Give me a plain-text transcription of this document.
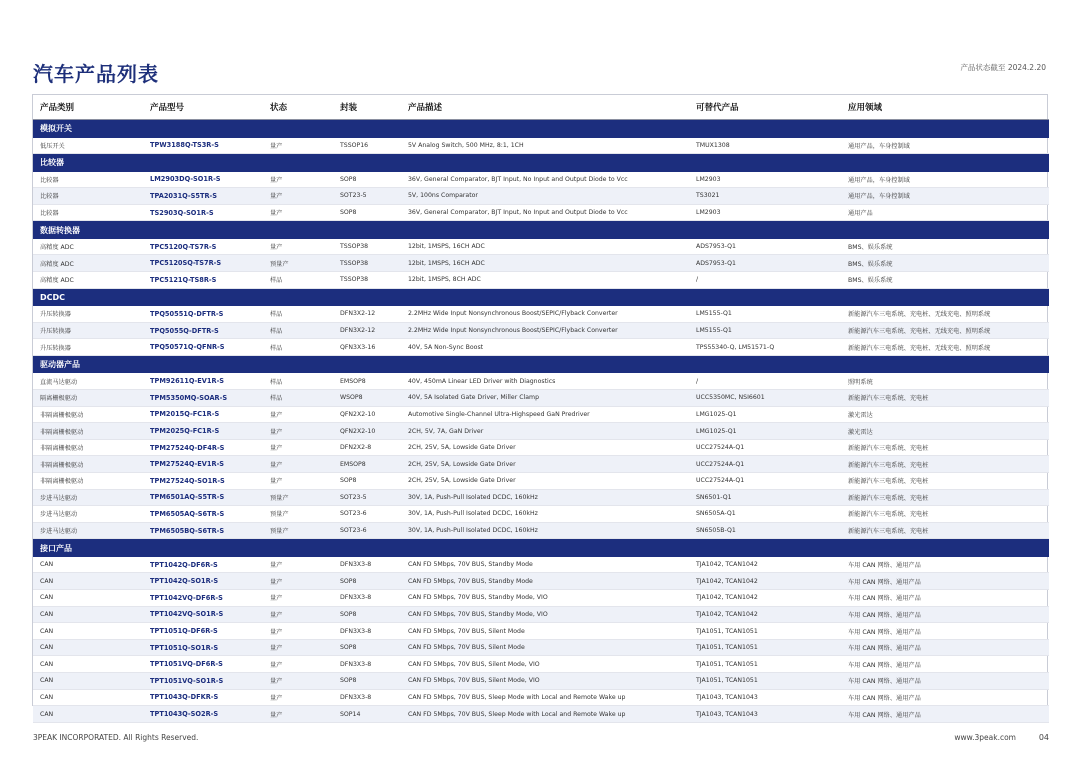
汽车产品列表	产品状态截至 2024.2.20
产品类别	产品型号	状态	封装	产品描述	可替代产品	应用领域
模拟开关						
低压开关	TPW3188Q-TS3R-S	量产	TSSOP16	5V Analog Switch, 500 MHz, 8:1, 1CH	TMUX1308	通用产品，车身控制域
比较器						
比较器	LM2903DQ-SO1R-S	量产	SOP8	36V, General Comparator, BJT Input, No Input and Output Diode to Vcc	LM2903	通用产品，车身控制域
比较器	TPA2031Q-S5TR-S	量产	SOT23-5	5V, 100ns Comparator	TS3021	通用产品，车身控制域
比较器	TS2903Q-SO1R-S	量产	SOP8	36V, General Comparator, BJT Input, No Input and Output Diode to Vcc	LM2903	通用产品
数据转换器						
高精度 ADC	TPC5120Q-TS7R-S	量产	TSSOP38	12bit, 1MSPS, 16CH ADC	ADS7953-Q1	BMS、娱乐系统
高精度 ADC	TPC5120SQ-TS7R-S	预量产	TSSOP38	12bit, 1MSPS, 16CH ADC	ADS7953-Q1	BMS、娱乐系统
高精度 ADC	TPC5121Q-TS8R-S	样品	TSSOP38	12bit, 1MSPS, 8CH ADC	/	BMS、娱乐系统
DCDC						
升压转换器	TPQ50551Q-DFTR-S	样品	DFN3X2-12	2.2MHz Wide Input Nonsynchronous Boost/SEPIC/Flyback Converter	LM5155-Q1	新能源汽车三电系统、充电桩、无线充电、照明系统
升压转换器	TPQ5055Q-DFTR-S	样品	DFN3X2-12	2.2MHz Wide Input Nonsynchronous Boost/SEPIC/Flyback Converter	LM5155-Q1	新能源汽车三电系统、充电桩、无线充电、照明系统
升压转换器	TPQ50571Q-QFNR-S	样品	QFN3X3-16	40V, 5A Non-Sync Boost	TPS55340-Q, LM51571-Q	新能源汽车三电系统、充电桩、无线充电、照明系统
驱动器产品						
直流马达驱动	TPM92611Q-EV1R-S	样品	EMSOP8	40V, 450mA Linear LED Driver with Diagnostics	/	照明系统
隔离栅极驱动	TPM5350MQ-SOAR-S	样品	WSOP8	40V, 5A Isolated Gate Driver, Miller Clamp	UCC5350MC, NSI6601	新能源汽车三电系统、充电桩
非隔离栅极驱动	TPM2015Q-FC1R-S	量产	QFN2X2-10	Automotive Single-Channel Ultra-Highspeed GaN Predriver	LMG1025-Q1	激光雷达
非隔离栅极驱动	TPM2025Q-FC1R-S	量产	QFN2X2-10	2CH, 5V, 7A, GaN Driver	LMG1025-Q1	激光雷达
非隔离栅极驱动	TPM27524Q-DF4R-S	量产	DFN2X2-8	2CH, 25V, 5A, Lowside Gate Driver	UCC27524A-Q1	新能源汽车三电系统、充电桩
非隔离栅极驱动	TPM27524Q-EV1R-S	量产	EMSOP8	2CH, 25V, 5A, Lowside Gate Driver	UCC27524A-Q1	新能源汽车三电系统、充电桩
非隔离栅极驱动	TPM27524Q-SO1R-S	量产	SOP8	2CH, 25V, 5A, Lowside Gate Driver	UCC27524A-Q1	新能源汽车三电系统、充电桩
步进马达驱动	TPM6501AQ-S5TR-S	预量产	SOT23-5	30V, 1A, Push-Pull Isolated DCDC, 160kHz	SN6501-Q1	新能源汽车三电系统、充电桩
步进马达驱动	TPM6505AQ-S6TR-S	预量产	SOT23-6	30V, 1A, Push-Pull Isolated DCDC, 160kHz	SN6505A-Q1	新能源汽车三电系统、充电桩
步进马达驱动	TPM6505BQ-S6TR-S	预量产	SOT23-6	30V, 1A, Push-Pull Isolated DCDC, 160kHz	SN6505B-Q1	新能源汽车三电系统、充电桩
接口产品						
CAN	TPT1042Q-DF6R-S	量产	DFN3X3-8	CAN FD 5Mbps, 70V BUS, Standby Mode	TJA1042, TCAN1042	车用 CAN 网络、通用产品
CAN	TPT1042Q-SO1R-S	量产	SOP8	CAN FD 5Mbps, 70V BUS, Standby Mode	TJA1042, TCAN1042	车用 CAN 网络、通用产品
CAN	TPT1042VQ-DF6R-S	量产	DFN3X3-8	CAN FD 5Mbps, 70V BUS, Standby Mode, VIO	TJA1042, TCAN1042	车用 CAN 网络、通用产品
CAN	TPT1042VQ-SO1R-S	量产	SOP8	CAN FD 5Mbps, 70V BUS, Standby Mode, VIO	TJA1042, TCAN1042	车用 CAN 网络、通用产品
CAN	TPT1051Q-DF6R-S	量产	DFN3X3-8	CAN FD 5Mbps, 70V BUS, Silent Mode	TJA1051, TCAN1051	车用 CAN 网络、通用产品
CAN	TPT1051Q-SO1R-S	量产	SOP8	CAN FD 5Mbps, 70V BUS, Silent Mode	TJA1051, TCAN1051	车用 CAN 网络、通用产品
CAN	TPT1051VQ-DF6R-S	量产	DFN3X3-8	CAN FD 5Mbps, 70V BUS, Silent Mode, VIO	TJA1051, TCAN1051	车用 CAN 网络、通用产品
CAN	TPT1051VQ-SO1R-S	量产	SOP8	CAN FD 5Mbps, 70V BUS, Silent Mode, VIO	TJA1051, TCAN1051	车用 CAN 网络、通用产品
CAN	TPT1043Q-DFKR-S	量产	DFN3X3-8	CAN FD 5Mbps, 70V BUS, Sleep Mode with Local and Remote Wake up	TJA1043, TCAN1043	车用 CAN 网络、通用产品
CAN	TPT1043Q-SO2R-S	量产	SOP14	CAN FD 5Mbps, 70V BUS, Sleep Mode with Local and Remote Wake up	TJA1043, TCAN1043	车用 CAN 网络、通用产品
3PEAK INCORPORATED. All Rights Reserved.	www.3peak.com	04
